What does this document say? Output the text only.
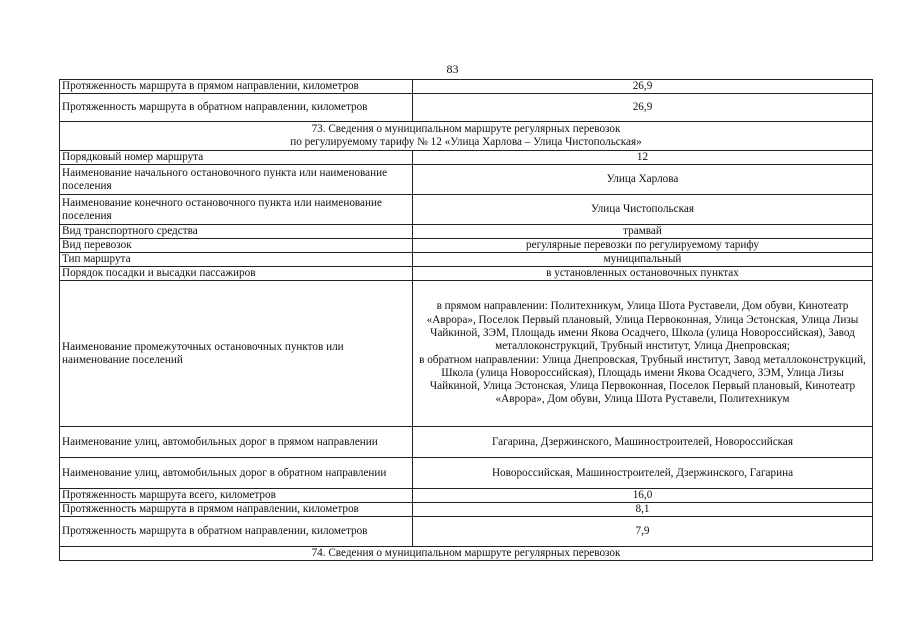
83
Протяженность маршрута в прямом направлении, километров	26,9
Протяженность маршрута в обратном направлении, километров	26,9

73. Сведения о муниципальном маршруте регулярных перевозок
по регулируемому тарифу № 12 «Улица Харлова – Улица Чистопольская»	

Порядковый номер маршрута	12
Наименование начального остановочного пункта или наименование поселения	Улица Харлова
Наименование конечного остановочного пункта или наименование поселения	Улица Чистопольская
Вид транспортного средства	трамвай
Вид перевозок	регулярные перевозки по регулируемому тарифу
Тип маршрута	муниципальный
Порядок посадки и высадки пассажиров	в установленных остановочных пунктах
Наименование промежуточных остановочных пунктов или наименование поселений	в прямом направлении: Политехникум, Улица Шота Руставели, Дом обуви, Кинотеатр «Аврора», Поселок Первый плановый, Улица Первоконная, Улица Эстонская, Улица Лизы Чайкиной, ЗЭМ, Площадь имени Якова Осадчего, Школа (улица Новороссийская), Завод металлоконструкций, Трубный институт, Улица Днепровская;
в обратном направлении: Улица Днепровская, Трубный институт, Завод металлоконструкций, Школа (улица Новороссийская), Площадь имени Якова Осадчего, ЗЭМ, Улица Лизы Чайкиной, Улица Эстонская, Улица Первоконная, Поселок Первый плановый, Кинотеатр «Аврора», Дом обуви, Улица Шота Руставели, Политехникум

Наименование улиц, автомобильных дорог в прямом направлении	Гагарина, Дзержинского, Машиностроителей, Новороссийская
Наименование улиц, автомобильных дорог в обратном направлении	Новороссийская, Машиностроителей, Дзержинского, Гагарина
Протяженность маршрута всего, километров	16,0
Протяженность маршрута в прямом направлении, километров	8,1
Протяженность маршрута в обратном направлении, километров	7,9

74. Сведения о муниципальном маршруте регулярных перевозок	
